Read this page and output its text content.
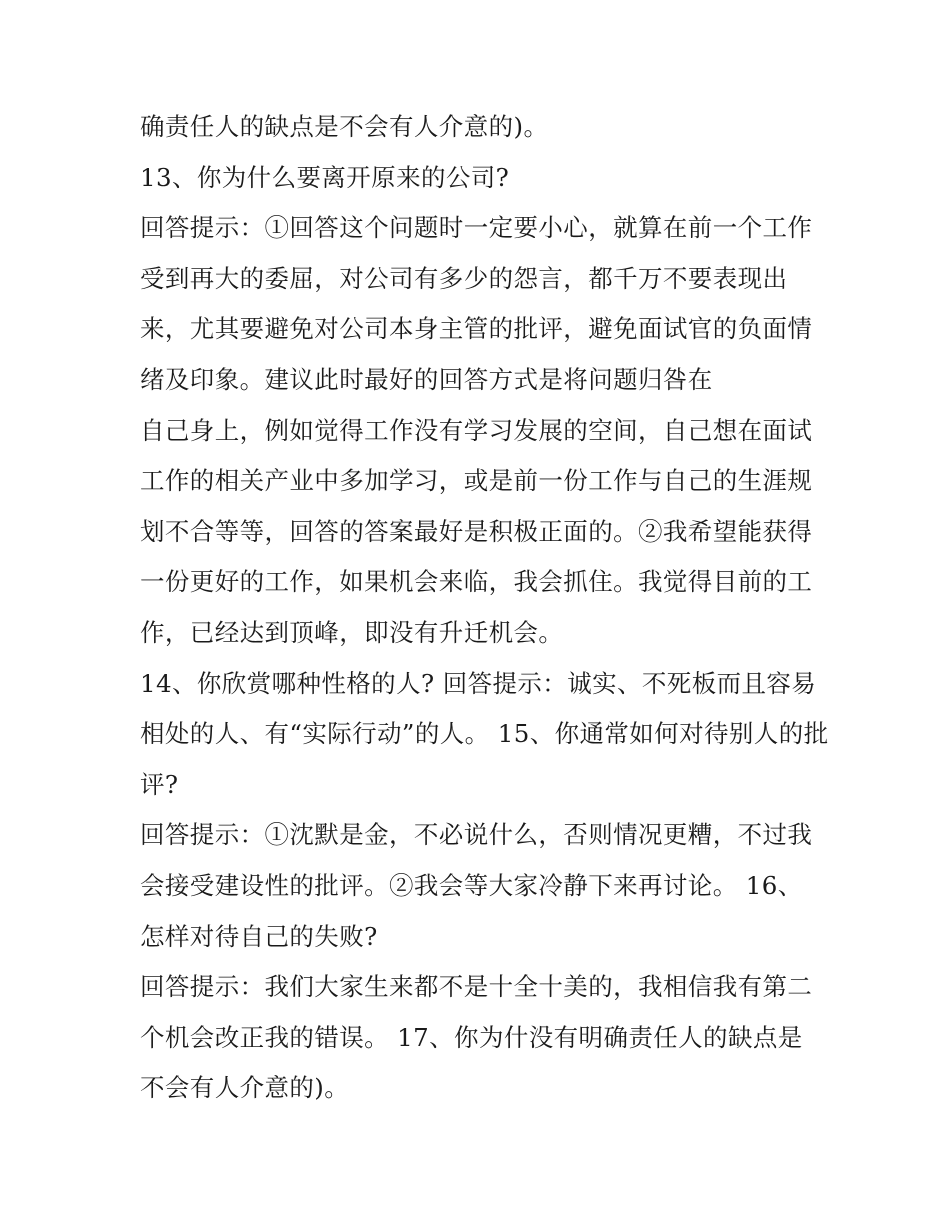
确责任人的缺点是不会有人介意的)。
13、你为什么要离开原来的公司?
回答提示：①回答这个问题时一定要小心，就算在前一个工作
受到再大的委屈，对公司有多少的怨言，都千万不要表现出
来，尤其要避免对公司本身主管的批评，避免面试官的负面情
绪及印象。建议此时最好的回答方式是将问题归咎在
自己身上，例如觉得工作没有学习发展的空间，自己想在面试
工作的相关产业中多加学习，或是前一份工作与自己的生涯规
划不合等等，回答的答案最好是积极正面的。②我希望能获得
一份更好的工作，如果机会来临，我会抓住。我觉得目前的工
作，已经达到顶峰，即没有升迁机会。
14、你欣赏哪种性格的人? 回答提示：诚实、不死板而且容易
相处的人、有“实际行动”的人。 15、你通常如何对待别人的批
评?
回答提示：①沈默是金，不必说什么，否则情况更糟，不过我
会接受建设性的批评。②我会等大家冷静下来再讨论。 16、
怎样对待自己的失败?
回答提示：我们大家生来都不是十全十美的，我相信我有第二
个机会改正我的错误。 17、你为什没有明确责任人的缺点是
不会有人介意的)。
